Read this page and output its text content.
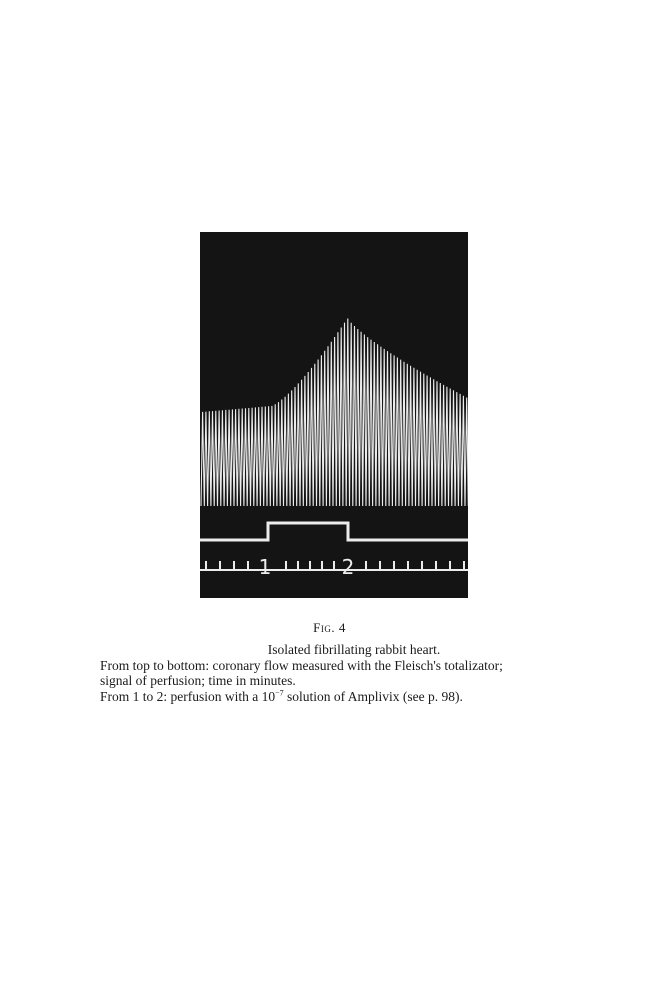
1	2
Fig. 4
Isolated fibrillating rabbit heart.
From top to bottom: coronary flow measured with the Fleisch's totalizator;
signal of perfusion; time in minutes.
From 1 to 2: perfusion with a $10^{-7}$ solution of Amplivix (see p. 98).
